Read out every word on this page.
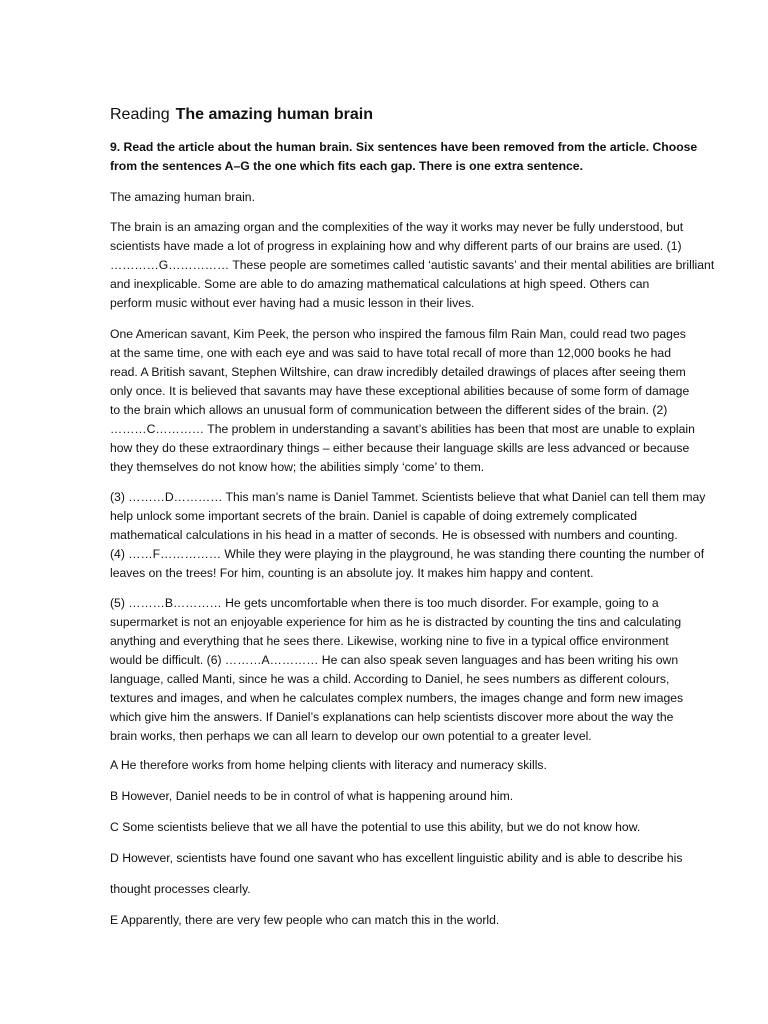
Reading The amazing human brain
9. Read the article about the human brain. Six sentences have been removed from the article. Choose
from the sentences A–G the one which fits each gap. There is one extra sentence.
The amazing human brain.
The brain is an amazing organ and the complexities of the way it works may never be fully understood, but
scientists have made a lot of progress in explaining how and why different parts of our brains are used. (1)
…………G…………… These people are sometimes called ‘autistic savants’ and their mental abilities are brilliant
and inexplicable. Some are able to do amazing mathematical calculations at high speed. Others can
perform music without ever having had a music lesson in their lives.
One American savant, Kim Peek, the person who inspired the famous film Rain Man, could read two pages
at the same time, one with each eye and was said to have total recall of more than 12,000 books he had
read. A British savant, Stephen Wiltshire, can draw incredibly detailed drawings of places after seeing them
only once. It is believed that savants may have these exceptional abilities because of some form of damage
to the brain which allows an unusual form of communication between the different sides of the brain. (2)
………C………… The problem in understanding a savant’s abilities has been that most are unable to explain
how they do these extraordinary things – either because their language skills are less advanced or because
they themselves do not know how; the abilities simply ‘come’ to them.
(3) ………D………… This man’s name is Daniel Tammet. Scientists believe that what Daniel can tell them may
help unlock some important secrets of the brain. Daniel is capable of doing extremely complicated
mathematical calculations in his head in a matter of seconds. He is obsessed with numbers and counting.
(4) ……F…………… While they were playing in the playground, he was standing there counting the number of
leaves on the trees! For him, counting is an absolute joy. It makes him happy and content.
(5) ………B………… He gets uncomfortable when there is too much disorder. For example, going to a
supermarket is not an enjoyable experience for him as he is distracted by counting the tins and calculating
anything and everything that he sees there. Likewise, working nine to five in a typical office environment
would be difficult. (6) ………A………… He can also speak seven languages and has been writing his own
language, called Manti, since he was a child. According to Daniel, he sees numbers as different colours,
textures and images, and when he calculates complex numbers, the images change and form new images
which give him the answers. If Daniel’s explanations can help scientists discover more about the way the
brain works, then perhaps we can all learn to develop our own potential to a greater level.
A He therefore works from home helping clients with literacy and numeracy skills.
B However, Daniel needs to be in control of what is happening around him.
C Some scientists believe that we all have the potential to use this ability, but we do not know how.
D However, scientists have found one savant who has excellent linguistic ability and is able to describe his
thought processes clearly.
E Apparently, there are very few people who can match this in the world.
